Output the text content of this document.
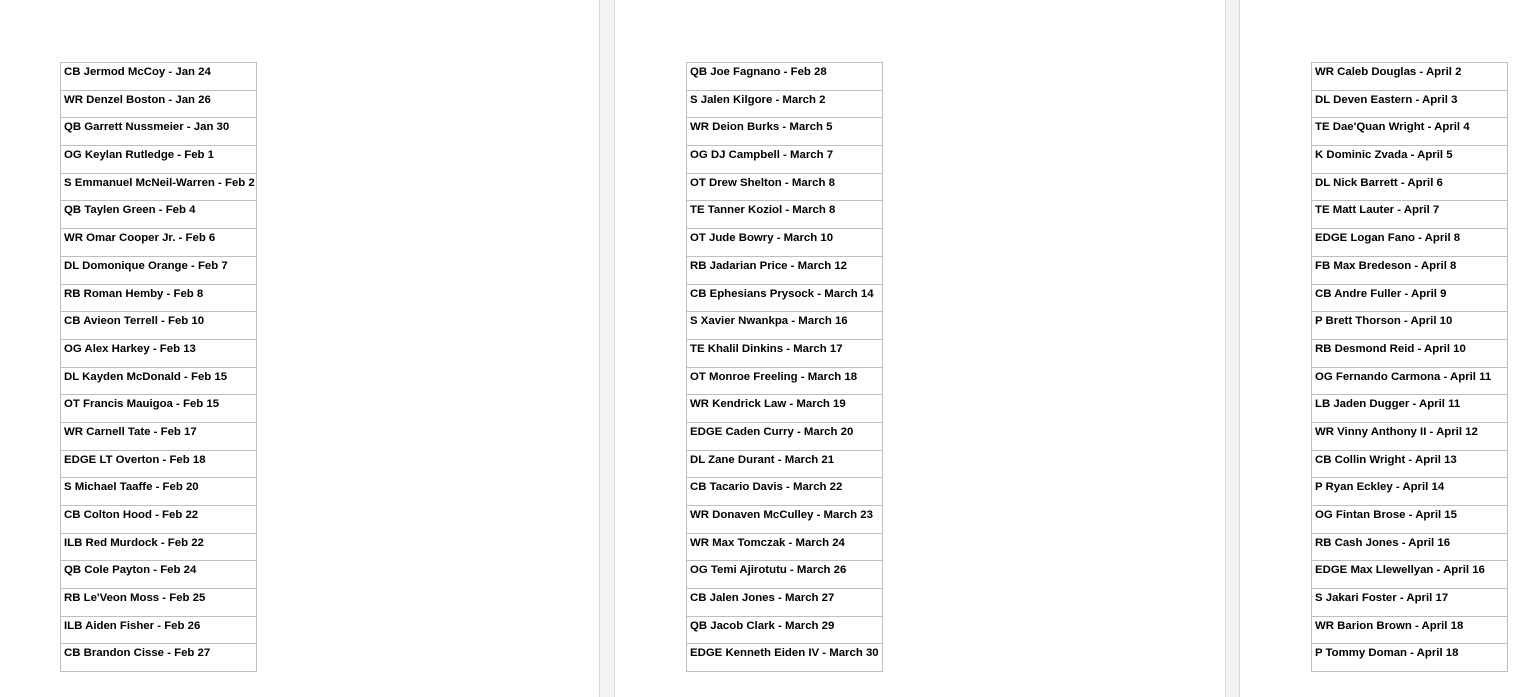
CB Jermod McCoy - Jan 24
WR Denzel Boston - Jan 26
QB Garrett Nussmeier - Jan 30
OG Keylan Rutledge - Feb 1
S Emmanuel McNeil-Warren - Feb 2
QB Taylen Green - Feb 4
WR Omar Cooper Jr. - Feb 6
DL Domonique Orange - Feb 7
RB Roman Hemby - Feb 8
CB Avieon Terrell - Feb 10
OG Alex Harkey - Feb 13
DL Kayden McDonald - Feb 15
OT Francis Mauigoa - Feb 15
WR Carnell Tate - Feb 17
EDGE LT Overton - Feb 18
S Michael Taaffe - Feb 20
CB Colton Hood - Feb 22
ILB Red Murdock - Feb 22
QB Cole Payton - Feb 24
RB Le'Veon Moss - Feb 25
ILB Aiden Fisher - Feb 26
CB Brandon Cisse - Feb 27
QB Joe Fagnano - Feb 28
S Jalen Kilgore - March 2
WR Deion Burks - March 5
OG DJ Campbell - March 7
OT Drew Shelton - March 8
TE Tanner Koziol - March 8
OT Jude Bowry - March 10
RB Jadarian Price - March 12
CB Ephesians Prysock - March 14
S Xavier Nwankpa - March 16
TE Khalil Dinkins - March 17
OT Monroe Freeling - March 18
WR Kendrick Law - March 19
EDGE Caden Curry - March 20
DL Zane Durant - March 21
CB Tacario Davis - March 22
WR Donaven McCulley - March 23
WR Max Tomczak - March 24
OG Temi Ajirotutu - March 26
CB Jalen Jones - March 27
QB Jacob Clark - March 29
EDGE Kenneth Eiden IV - March 30
WR Caleb Douglas - April 2
DL Deven Eastern - April 3
TE Dae'Quan Wright - April 4
K Dominic Zvada - April 5
DL Nick Barrett - April 6
TE Matt Lauter - April 7
EDGE Logan Fano - April 8
FB Max Bredeson - April 8
CB Andre Fuller - April 9
P Brett Thorson - April 10
RB Desmond Reid - April 10
OG Fernando Carmona - April 11
LB Jaden Dugger - April 11
WR Vinny Anthony II - April 12
CB Collin Wright - April 13
P Ryan Eckley - April 14
OG Fintan Brose - April 15
RB Cash Jones - April 16
EDGE Max Llewellyan - April 16
S Jakari Foster - April 17
WR Barion Brown - April 18
P Tommy Doman - April 18
